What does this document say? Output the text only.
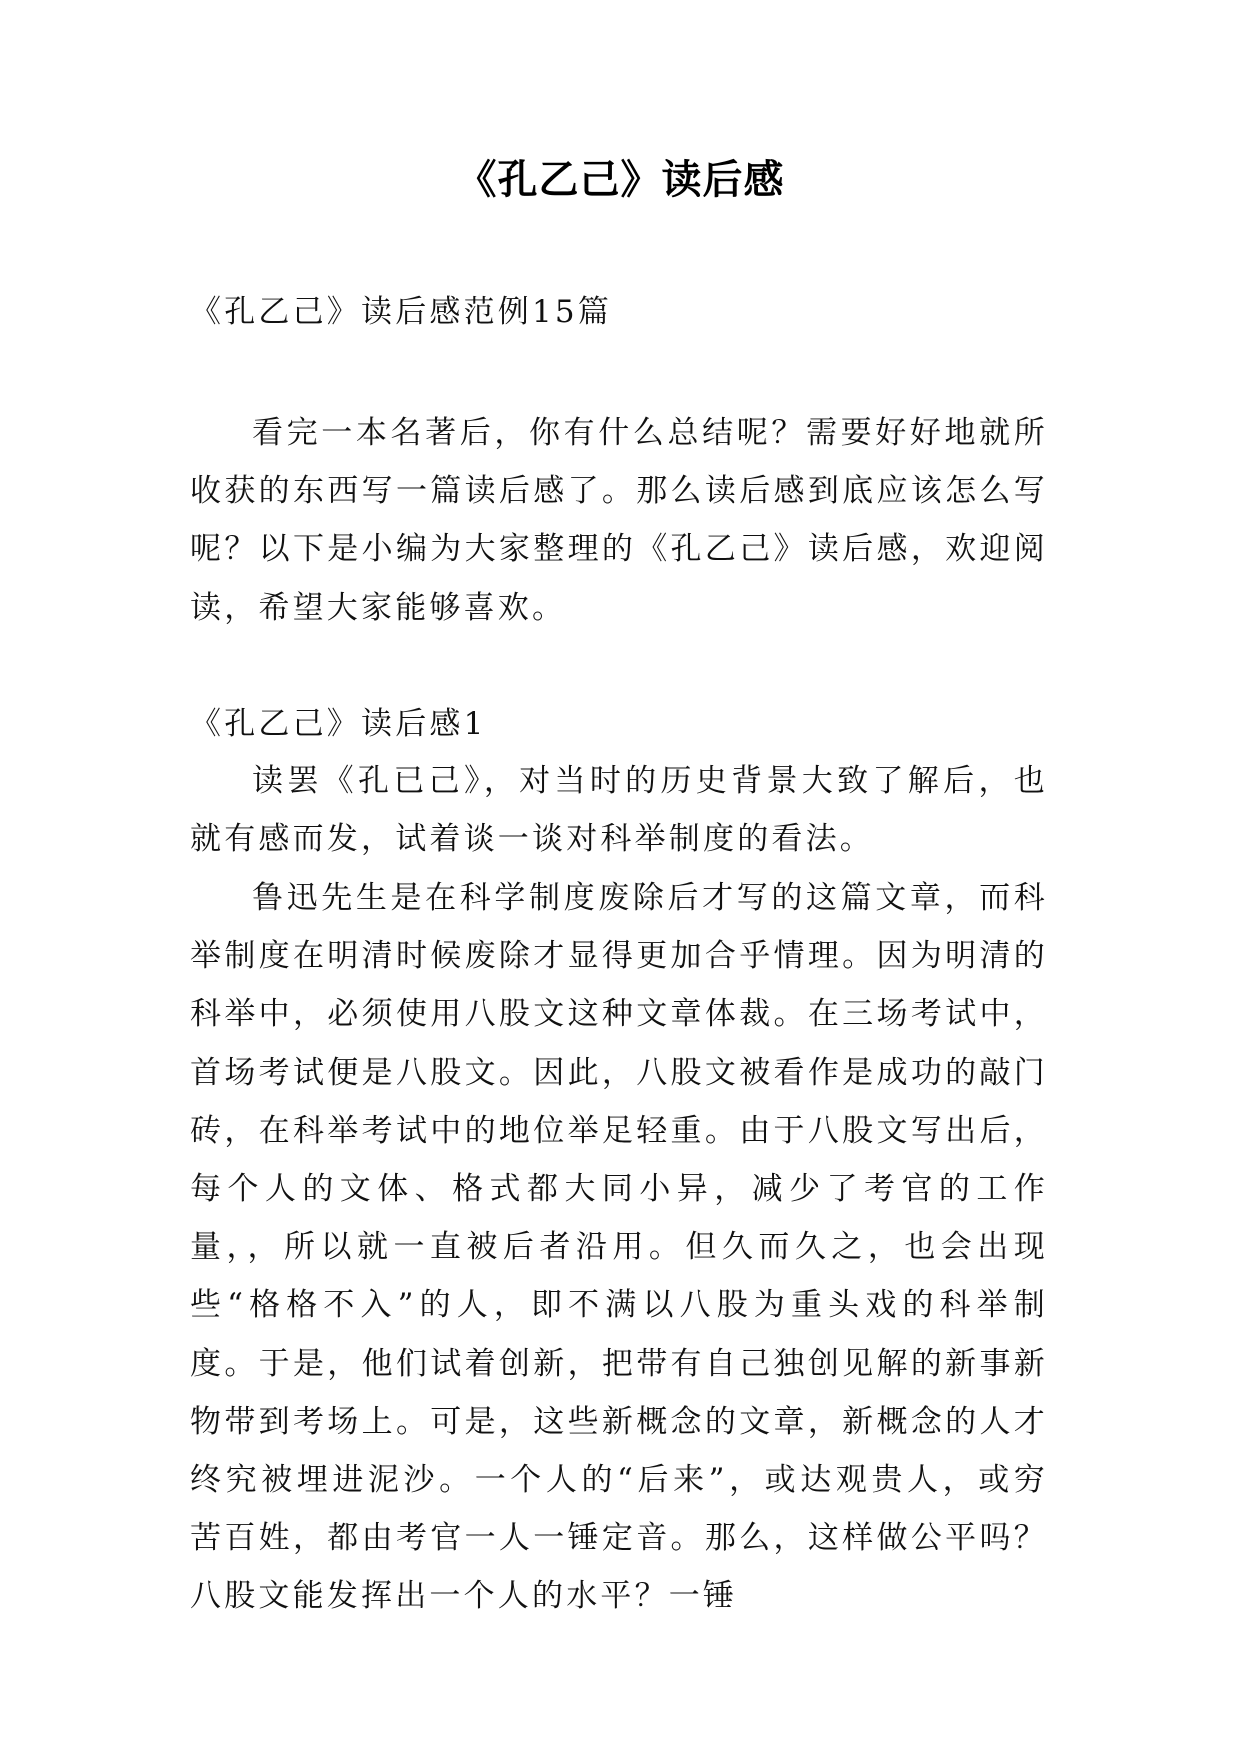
《孔乙己》读后感
《孔乙己》读后感范例15篇

看完一本名著后，你有什么总结呢？需要好好地就所收获的东西写一篇读后感了。那么读后感到底应该怎么写呢？以下是小编为大家整理的《孔乙己》读后感，欢迎阅读，希望大家能够喜欢。

《孔乙己》读后感1

读罢《孔已己》，对当时的历史背景大致了解后，也就有感而发，试着谈一谈对科举制度的看法。

鲁迅先生是在科学制度废除后才写的这篇文章，而科举制度在明清时候废除才显得更加合乎情理。因为明清的科举中，必须使用八股文这种文章体裁。在三场考试中，首场考试便是八股文。因此，八股文被看作是成功的敲门砖，在科举考试中的地位举足轻重。由于八股文写出后，每个人的文体、格式都大同小异，减少了考官的工作量，，所以就一直被后者沿用。但久而久之，也会出现些“格格不入”的人，即不满以八股为重头戏的科举制度。于是，他们试着创新，把带有自己独创见解的新事新物带到考场上。可是，这些新概念的文章，新概念的人才终究被埋进泥沙。一个人的“后来”，或达观贵人，或穷苦百姓，都由考官一人一锤定音。那么，这样做公平吗？八股文能发挥出一个人的水平？一锤
